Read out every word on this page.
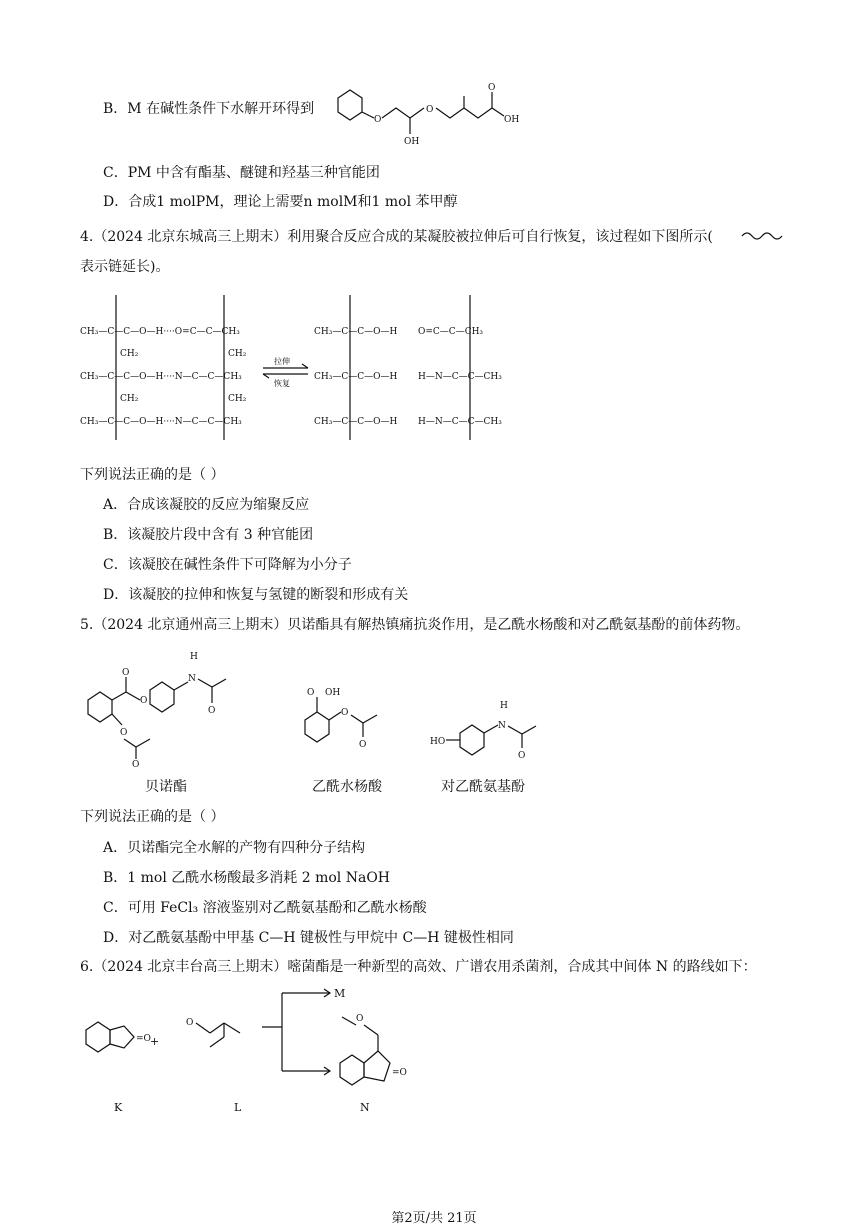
B．M 在碱性条件下水解开环得到
O
OH
O
O
OH
C．PM 中含有酯基、醚键和羟基三种官能团
D．合成1 molPM，理论上需要n molM和1 mol 苯甲醇
4.（2024 北京东城高三上期末）利用聚合反应合成的某凝胶被拉伸后可自行恢复，该过程如下图所示(
表示链延长)。
CH₃—C—C—O—H····O=C—C—CH₃
CH₃—C—C—O—H····N—C—C—CH₃
CH₃—C—C—O—H····N—C—C—CH₃
CH₂	CH₂
CH₂	CH₂
拉伸
恢复
CH₃—C—C—O—H
CH₃—C—C—O—H
CH₃—C—C—O—H
O=C—C—CH₃
H—N—C—C—CH₃
H—N—C—C—CH₃
下列说法正确的是（ ）
A．合成该凝胶的反应为缩聚反应
B．该凝胶片段中含有 3 种官能团
C．该凝胶在碱性条件下可降解为小分子
D．该凝胶的拉伸和恢复与氢键的断裂和形成有关
5.（2024 北京通州高三上期末）贝诺酯具有解热镇痛抗炎作用，是乙酰水杨酸和对乙酰氨基酚的前体药物。
O
O
N
H
O
O
O
O OH
O
O	HO
N
H
O
贝诺酯	乙酰水杨酸	对乙酰氨基酚
下列说法正确的是（ ）
A．贝诺酯完全水解的产物有四种分子结构
B．1 mol 乙酰水杨酸最多消耗 2 mol NaOH
C．可用 FeCl₃ 溶液鉴别对乙酰氨基酚和乙酰水杨酸
D．对乙酰氨基酚中甲基 C—H 键极性与甲烷中 C—H 键极性相同
6.（2024 北京丰台高三上期末）嘧菌酯是一种新型的高效、广谱农用杀菌剂，合成其中间体 N 的路线如下：
=O +
O
M
=O
O
K	L	N
第2页/共 21页
